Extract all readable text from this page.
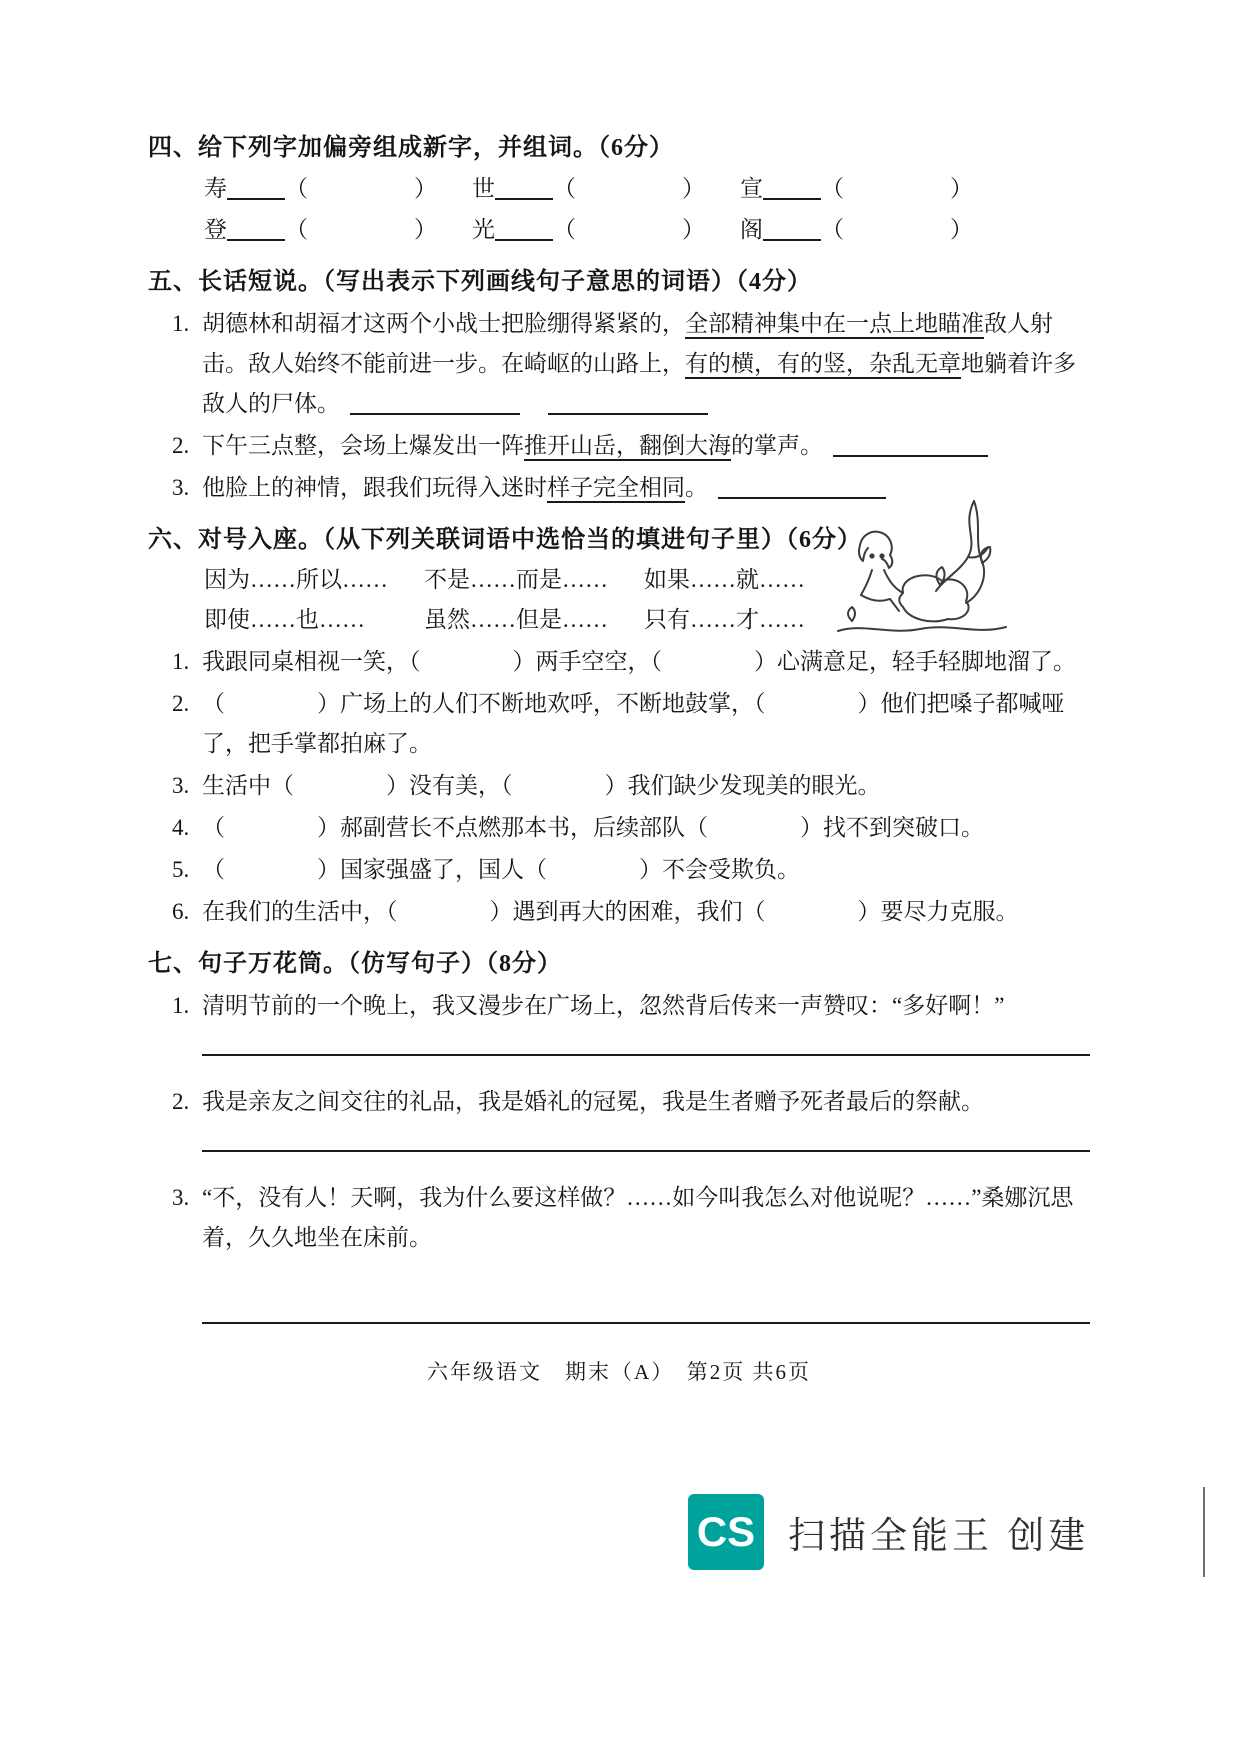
四、给下列字加偏旁组成新字，并组词。（6分）
寿	（	）	世	（	）	宣	（	）
登	（	）	光	（	）	阁	（	）
五、长话短说。（写出表示下列画线句子意思的词语）（4分）
1. 胡德林和胡福才这两个小战士把脸绷得紧紧的，全部精神集中在一点上地瞄准敌人射击。敌人始终不能前进一步。在崎岖的山路上，有的横，有的竖，杂乱无章地躺着许多敌人的尸体。
2. 下午三点整，会场上爆发出一阵推开山岳，翻倒大海的掌声。
3. 他脸上的神情，跟我们玩得入迷时样子完全相同。
六、对号入座。（从下列关联词语中选恰当的填进句子里）（6分）
因为……所以……	不是……而是……	如果……就……
即使……也……	虽然……但是……	只有……才……
1. 我跟同桌相视一笑，（	）两手空空，（	）心满意足，轻手轻脚地溜了。
2. （	）广场上的人们不断地欢呼，不断地鼓掌，（	）他们把嗓子都喊哑了，把手掌都拍麻了。
3. 生活中（	）没有美，（	）我们缺少发现美的眼光。
4. （	）郝副营长不点燃那本书，后续部队（	）找不到突破口。
5. （	）国家强盛了，国人（	）不会受欺负。
6. 在我们的生活中，（	）遇到再大的困难，我们（	）要尽力克服。
七、句子万花筒。（仿写句子）（8分）
1. 清明节前的一个晚上，我又漫步在广场上，忽然背后传来一声赞叹：“多好啊！”
2. 我是亲友之间交往的礼品，我是婚礼的冠冕，我是生者赠予死者最后的祭献。
3. “不，没有人！天啊，我为什么要这样做？……如今叫我怎么对他说呢？……”桑娜沉思着，久久地坐在床前。
六年级语文　期末（A）　第2页 共6页
CS 扫描全能王 创建
